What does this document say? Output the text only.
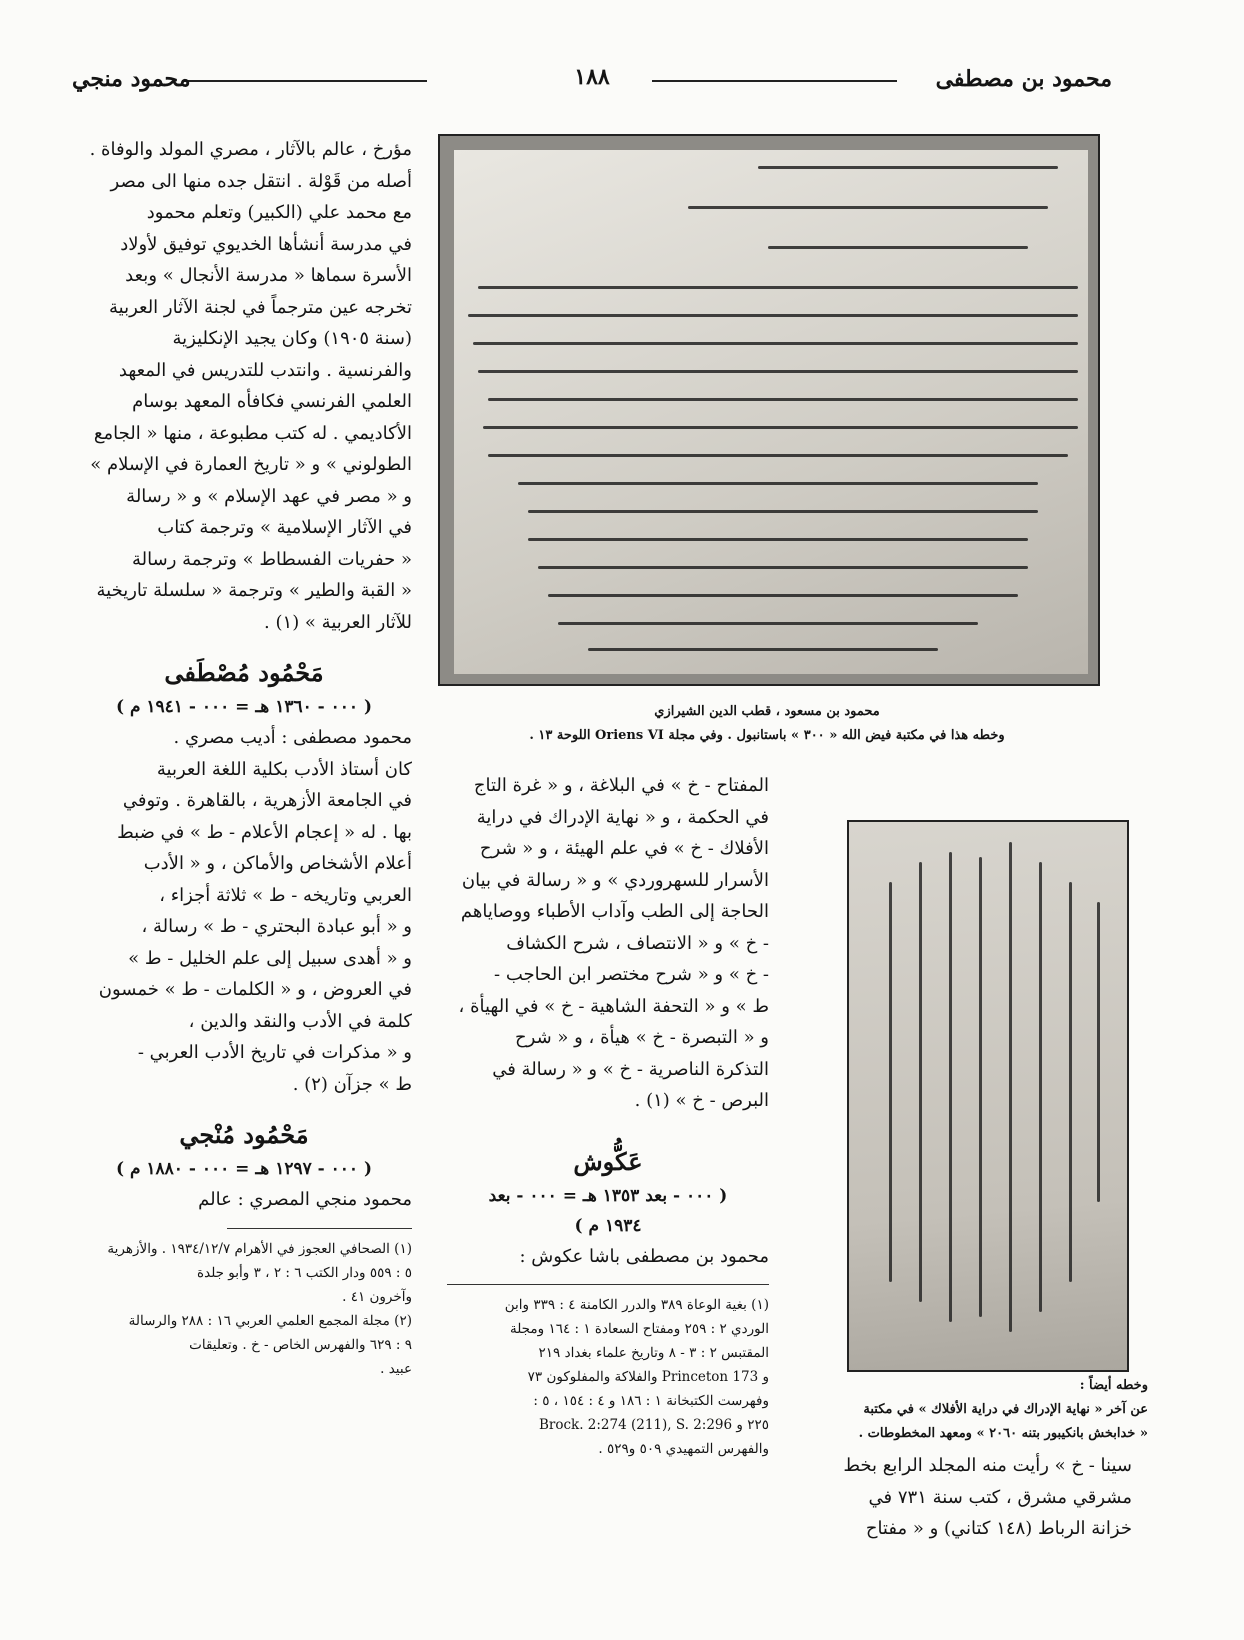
محمود بن مصطفى
١٨٨
محمود منجي
محمود بن مسعود ، قطب الدين الشيرازي
وخطه هذا في مكتبة فيض الله « ٣٠٠ » باستانبول . وفي مجلة Oriens VI اللوحة ١٣ .
وخطه أيضاً :
عن آخر « نهاية الإدراك في دراية الأفلاك » في مكتبة
« خدابخش بانكيبور بتنه ٢٠٦٠ » ومعهد المخطوطات .

مؤرخ ، عالم بالآثار ، مصري المولد والوفاة .

أصله من قَوْلة . انتقل جده منها الى مصر

مع محمد علي (الكبير) وتعلم محمود

في مدرسة أنشأها الخديوي توفيق لأولاد

الأسرة سماها « مدرسة الأنجال » وبعد

تخرجه عين مترجماً في لجنة الآثار العربية

(سنة ١٩٠٥) وكان يجيد الإنكليزية

والفرنسية . وانتدب للتدريس في المعهد

العلمي الفرنسي فكافأه المعهد بوسام

الأكاديمي . له كتب مطبوعة ، منها « الجامع

الطولوني » و « تاريخ العمارة في الإسلام »

و « مصر في عهد الإسلام » و « رسالة

في الآثار الإسلامية » وترجمة كتاب

« حفريات الفسطاط » وترجمة رسالة

« القبة والطير » وترجمة « سلسلة تاريخية

للآثار العربية » (١) .

مَحْمُود مُصْطَفى

( ٠٠٠ - ١٣٦٠ هـ = ٠٠٠ - ١٩٤١ م )

محمود مصطفى : أديب مصري .

كان أستاذ الأدب بكلية اللغة العربية

في الجامعة الأزهرية ، بالقاهرة . وتوفي

بها . له « إعجام الأعلام - ط » في ضبط

أعلام الأشخاص والأماكن ، و « الأدب

العربي وتاريخه - ط » ثلاثة أجزاء ،

و « أبو عبادة البحتري - ط » رسالة ،

و « أهدى سبيل إلى علم الخليل - ط »

في العروض ، و « الكلمات - ط » خمسون

كلمة في الأدب والنقد والدين ،

و « مذكرات في تاريخ الأدب العربي -

ط » جزآن (٢) .

مَحْمُود مُنْجي

( ٠٠٠ - ١٢٩٧ هـ = ٠٠٠ - ١٨٨٠ م )

محمود منجي المصري : عالم

(١) الصحافي العجوز في الأهرام ١٩٣٤/١٢/٧ . والأزهرية

٥ : ٥٥٩ ودار الكتب ٦ : ٢ ، ٣ وأبو جلدة

وآخرون ٤١ .

(٢) مجلة المجمع العلمي العربي ١٦ : ٢٨٨ والرسالة

٩ : ٦٢٩ والفهرس الخاص - خ . وتعليقات

عبيد .

المفتاح - خ » في البلاغة ، و « غرة التاج

في الحكمة ، و « نهاية الإدراك في دراية

الأفلاك - خ » في علم الهيئة ، و « شرح

الأسرار للسهروردي » و « رسالة في بيان

الحاجة إلى الطب وآداب الأطباء ووصاياهم

- خ » و « الانتصاف ، شرح الكشاف

- خ » و « شرح مختصر ابن الحاجب -

ط » و « التحفة الشاهية - خ » في الهيأة ،

و « التبصرة - خ » هيأة ، و « شرح

التذكرة الناصرية - خ » و « رسالة في

البرص - خ » (١) .

عَكُّوش

( ٠٠٠ - بعد ١٣٥٣ هـ = ٠٠٠ - بعد

١٩٣٤ م )

محمود بن مصطفى باشا عكوش :

(١) بغية الوعاة ٣٨٩ والدرر الكامنة ٤ : ٣٣٩ وابن

الوردي ٢ : ٢٥٩ ومفتاح السعادة ١ : ١٦٤ ومجلة

المقتبس ٢ : ٣ - ٨ وتاريخ علماء بغداد ٢١٩

و Princeton 173 والفلاكة والمفلوكون ٧٣

وفهرست الكتبخانة ١ : ١٨٦ و ٤ : ١٥٤ ، ٥ :

٢٢٥ و Brock. 2:274 (211), S. 2:296

والفهرس التمهيدي ٥٠٩ و٥٢٩ .

سينا - خ » رأيت منه المجلد الرابع بخط

مشرقي مشرق ، كتب سنة ٧٣١ في

خزانة الرباط (١٤٨ كتاني) و « مفتاح
